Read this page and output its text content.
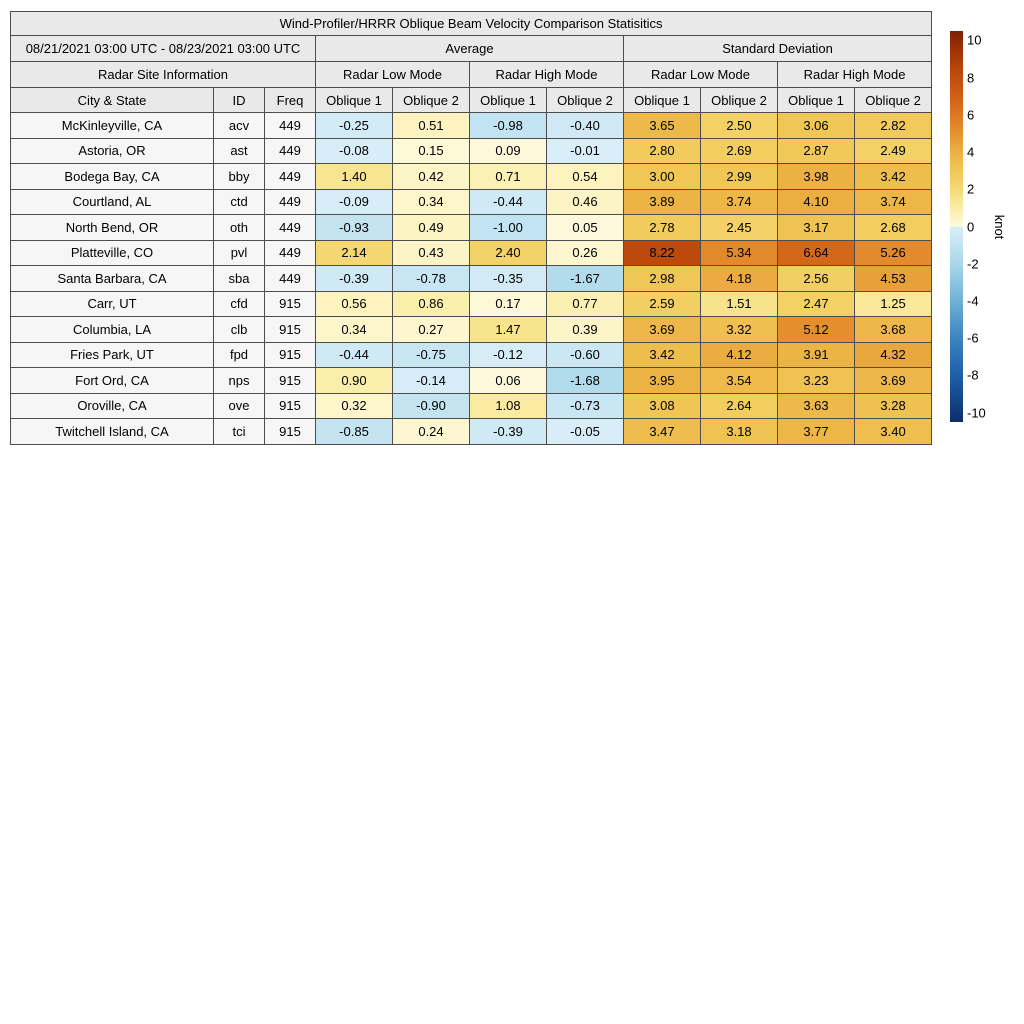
Wind-Profiler/HRRR Oblique Beam Velocity Comparison Statisitics										
08/21/2021 03:00 UTC - 08/23/2021 03:00 UTC			Average				Standard Deviation			
Radar Site Information			Radar Low Mode		Radar High Mode		Radar Low Mode		Radar High Mode	
City & State	ID	Freq	Oblique 1	Oblique 2	Oblique 1	Oblique 2	Oblique 1	Oblique 2	Oblique 1	Oblique 2
McKinleyville, CA	acv	449	-0.25	0.51	-0.98	-0.40	3.65	2.50	3.06	2.82
Astoria, OR	ast	449	-0.08	0.15	0.09	-0.01	2.80	2.69	2.87	2.49
Bodega Bay, CA	bby	449	1.40	0.42	0.71	0.54	3.00	2.99	3.98	3.42
Courtland, AL	ctd	449	-0.09	0.34	-0.44	0.46	3.89	3.74	4.10	3.74
North Bend, OR	oth	449	-0.93	0.49	-1.00	0.05	2.78	2.45	3.17	2.68
Platteville, CO	pvl	449	2.14	0.43	2.40	0.26	8.22	5.34	6.64	5.26
Santa Barbara, CA	sba	449	-0.39	-0.78	-0.35	-1.67	2.98	4.18	2.56	4.53
Carr, UT	cfd	915	0.56	0.86	0.17	0.77	2.59	1.51	2.47	1.25
Columbia, LA	clb	915	0.34	0.27	1.47	0.39	3.69	3.32	5.12	3.68
Fries Park, UT	fpd	915	-0.44	-0.75	-0.12	-0.60	3.42	4.12	3.91	4.32
Fort Ord, CA	nps	915	0.90	-0.14	0.06	-1.68	3.95	3.54	3.23	3.69
Oroville, CA	ove	915	0.32	-0.90	1.08	-0.73	3.08	2.64	3.63	3.28
Twitchell Island, CA	tci	915	-0.85	0.24	-0.39	-0.05	3.47	3.18	3.77	3.40
10
8
6
4
2
0
-2
-4
-6
-8
-10
knot
